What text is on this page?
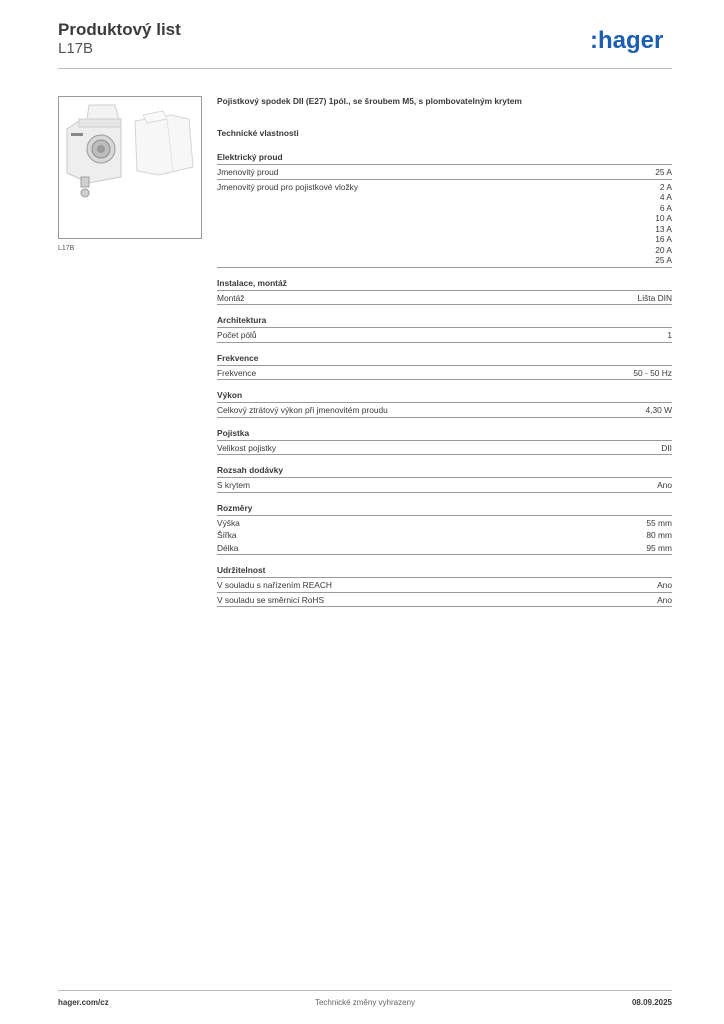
Produktový list
L17B	:hager
L17B
Pojistkový spodek DII (E27) 1pól., se šroubem M5, s plombovatelným krytem
Technické vlastnosti
Elektrický proud
Jmenovitý proud	25 A
Jmenovitý proud pro pojistkové vložky	2 A
4 A
6 A
10 A
13 A
16 A
20 A
25 A
Instalace, montáž
Montáž	Lišta DIN
Architektura
Počet pólů	1
Frekvence
Frekvence	50 - 50 Hz
Výkon
Celkový ztrátový výkon při jmenovitém proudu	4,30 W
Pojistka
Velikost pojistky	DII
Rozsah dodávky
S krytem	Ano
Rozměry
Výška	55 mm
Šířka	80 mm
Délka	95 mm
Udržitelnost
V souladu s nařízením REACH	Ano
V souladu se směrnicí RoHS	Ano
hager.com/cz	Technické změny vyhrazeny	08.09.2025
